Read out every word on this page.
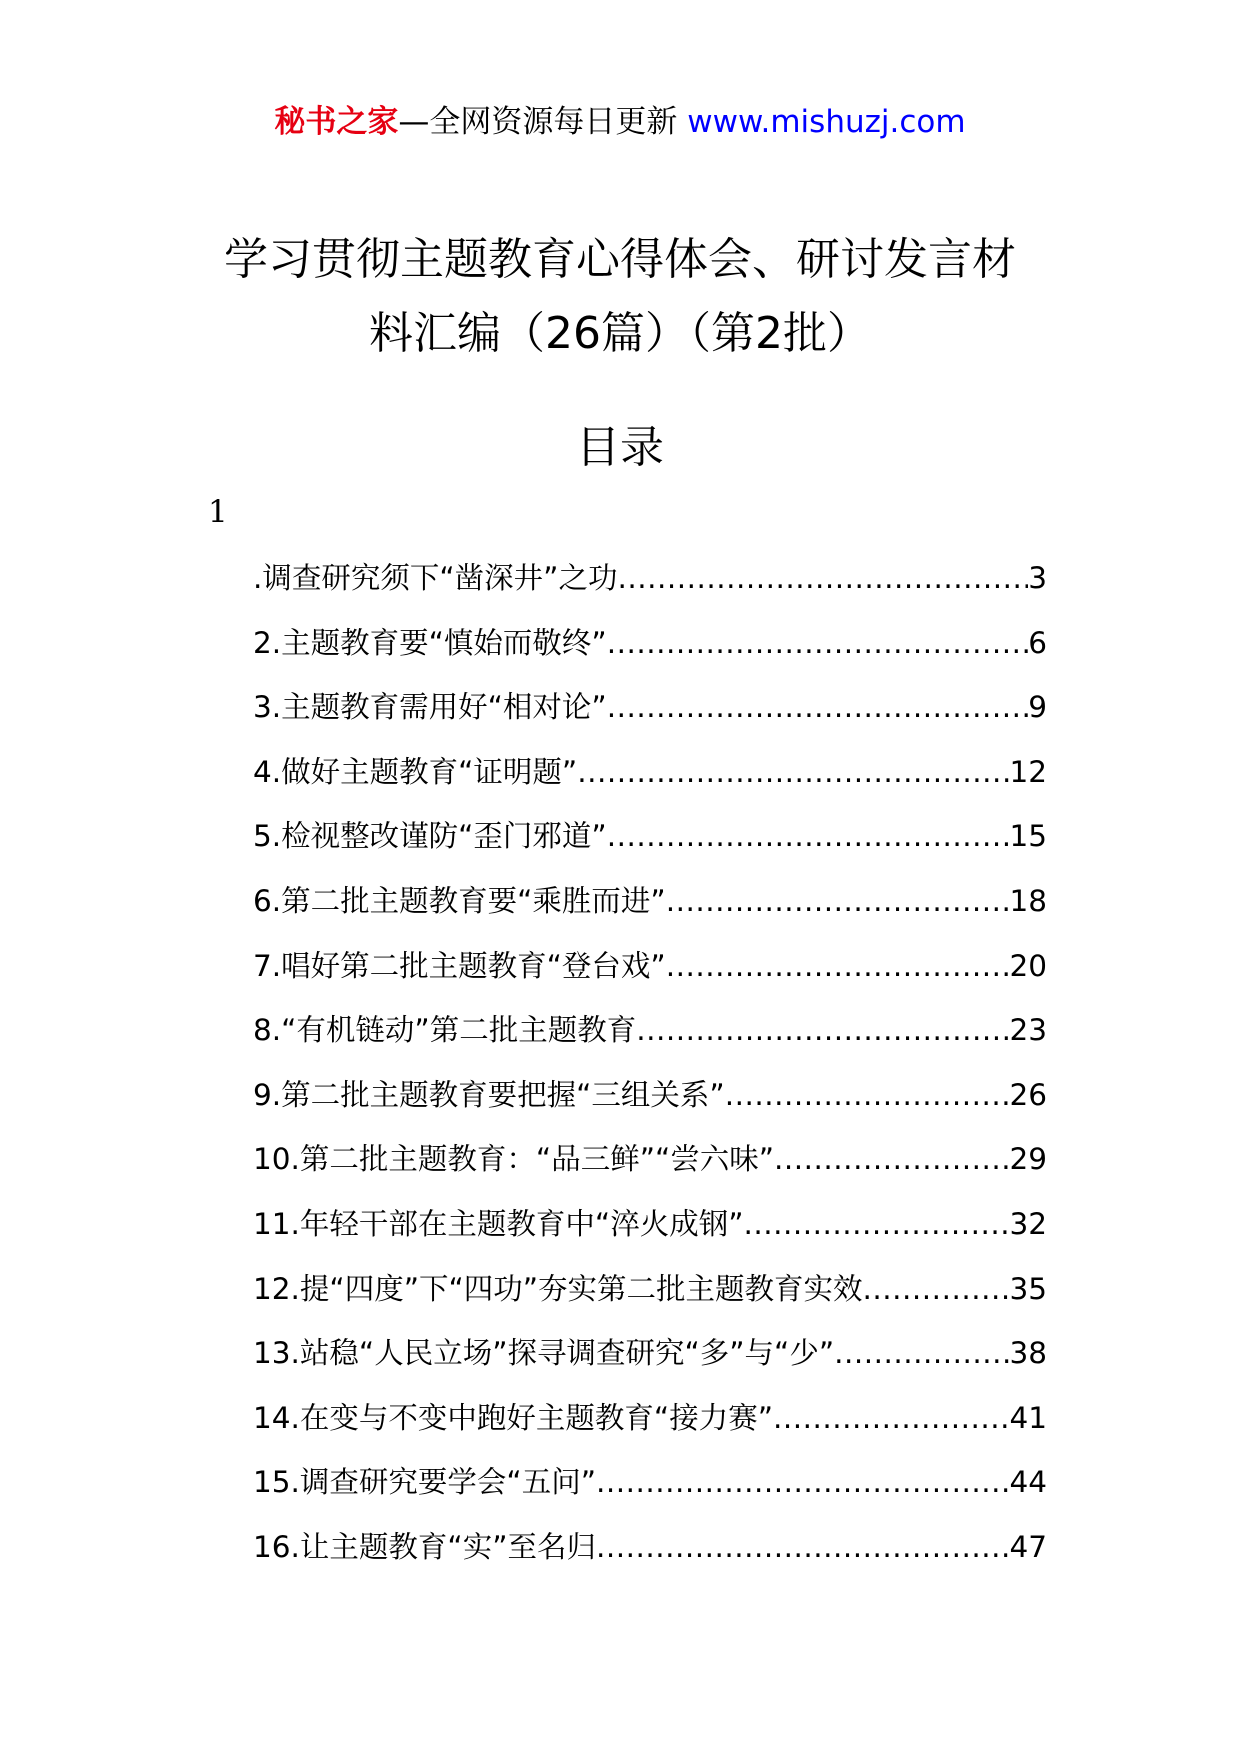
秘书之家—全网资源每日更新 www.mishuzj.com
学习贯彻主题教育心得体会、研讨发言材
料汇编（26篇）（第2批）
目录
1
.调查研究须下“凿深井”之功 .....	3
2.主题教育要“慎始而敬终” .....	6
3.主题教育需用好“相对论” .....	9
4.做好主题教育“证明题” .....	12
5.检视整改谨防“歪门邪道” .....	15
6.第二批主题教育要“乘胜而进” .....	18
7.唱好第二批主题教育“登台戏” .....	20
8.“有机链动”第二批主题教育 .....	23
9.第二批主题教育要把握“三组关系” .....	26
10.第二批主题教育：“品三鲜”“尝六味” .....	29
11.年轻干部在主题教育中“淬火成钢” .....	32
12.提“四度”下“四功”夯实第二批主题教育实效 .....	35
13.站稳“人民立场”探寻调查研究“多”与“少” .....	38
14.在变与不变中跑好主题教育“接力赛” .....	41
15.调查研究要学会“五问” .....	44
16.让主题教育“实”至名归 .....	47
